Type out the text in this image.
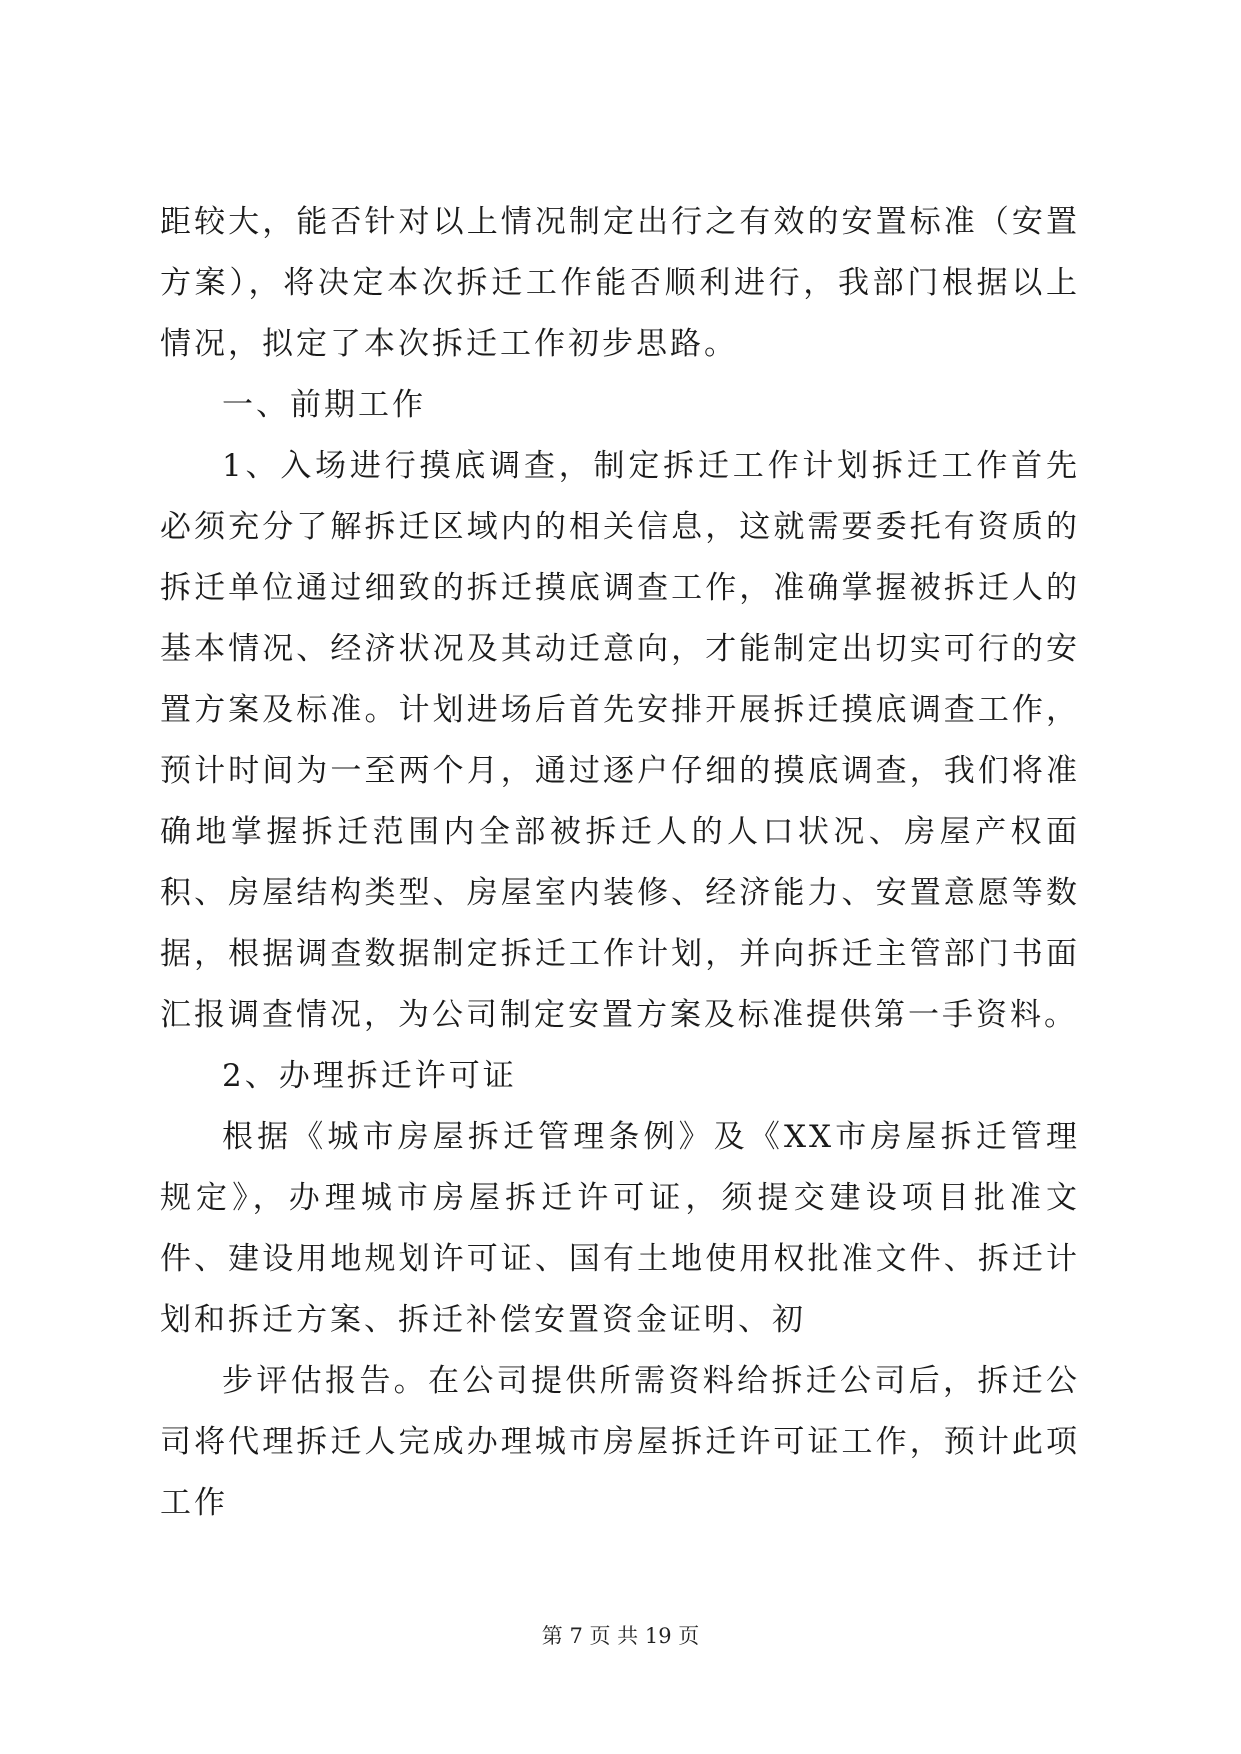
距较大，能否针对以上情况制定出行之有效的安置标准（安置方案），将决定本次拆迁工作能否顺利进行，我部门根据以上情况，拟定了本次拆迁工作初步思路。

一、前期工作

1、入场进行摸底调查，制定拆迁工作计划拆迁工作首先必须充分了解拆迁区域内的相关信息，这就需要委托有资质的拆迁单位通过细致的拆迁摸底调查工作，准确掌握被拆迁人的基本情况、经济状况及其动迁意向，才能制定出切实可行的安置方案及标准。计划进场后首先安排开展拆迁摸底调查工作，预计时间为一至两个月，通过逐户仔细的摸底调查，我们将准确地掌握拆迁范围内全部被拆迁人的人口状况、房屋产权面积、房屋结构类型、房屋室内装修、经济能力、安置意愿等数据，根据调查数据制定拆迁工作计划，并向拆迁主管部门书面汇报调查情况，为公司制定安置方案及标准提供第一手资料。

2、办理拆迁许可证

根据《城市房屋拆迁管理条例》及《XX市房屋拆迁管理规定》，办理城市房屋拆迁许可证，须提交建设项目批准文件、建设用地规划许可证、国有土地使用权批准文件、拆迁计划和拆迁方案、拆迁补偿安置资金证明、初

步评估报告。在公司提供所需资料给拆迁公司后，拆迁公司将代理拆迁人完成办理城市房屋拆迁许可证工作，预计此项工作

第 7 页 共 19 页
